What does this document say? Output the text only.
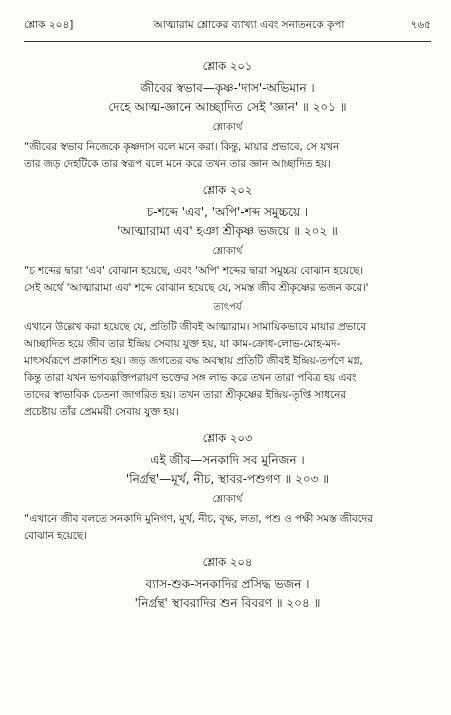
শ্লোক ২০৪]	আত্মারাম শ্লোকের ব্যাখ্যা এবং সনাতনকে কৃপা	৭৬৫
শ্লোক ২০১
জীবের স্বভাব—কৃষ্ণ-'দাস'-অভিমান ।
দেহে আত্ম-জ্ঞানে আচ্ছাদিত সেই 'জ্ঞান' ॥ ২০১ ॥
শ্লোকার্থ

“জীবের স্বভাব নিজেকে কৃষ্ণদাস বলে মনে করা। কিন্তু, মায়ার প্রভাবে, সে যখন

তার জড় দেহটিকে তার স্বরূপ বলে মনে করে তখন তার জ্ঞান আচ্ছাদিত হয়।

শ্লোক ২০২
চ-শব্দে 'এব', 'অপি'-শব্দ সমুচ্চয়ে ।
'আত্মারামা এব' হঞা শ্রীকৃষ্ণ ভজয়ে ॥ ২০২ ॥
শ্লোকার্থ

“চ শব্দের দ্বারা 'এব' বোঝান হয়েছে, এবং 'অপি' শব্দের দ্বারা সমুচ্চয় বোঝান হয়েছে।

সেই অর্থে 'আত্মারামা এব' শব্দে বোঝান হয়েছে যে, সমস্ত জীব শ্রীকৃষ্ণের ভজন করে।'

তাৎপর্য

এখানে উল্লেখ করা হয়েছে যে, প্রতিটি জীবই আত্মারাম। সামায়িকভাবে মায়ার প্রভাবে

আচ্ছাদিত হয়ে জীব তার ইন্দ্রিয় সেবায় যুক্ত হয়, যা কাম-ক্রোধ-লোভ-মোহ-মদ-

মাৎসর্যরূপে প্রকাশিত হয়। জড় জগতের বদ্ধ অবস্থায় প্রতিটি জীবই ইন্দ্রিয়-তর্পণে মগ্ন,

কিন্তু তারা যখন ভগবদ্ভক্তিপরায়ণ ভক্তের সঙ্গ লাভ করে তখন তারা পবিত্র হয় এবং

তাদের স্বাভাবিক চেতনা জাগরিত হয়। তখন তারা শ্রীকৃষ্ণের ইন্দ্রিয়-তৃপ্তি সাধনের

প্রচেষ্টায় তাঁর প্রেমময়ী সেবায় যুক্ত হয়।

শ্লোক ২০৩
এই জীব—সনকাদি সব মুনিজন ।
'নির্গ্রন্থ'—মূর্খ, নীচ, স্থাবর-পশুগণ ॥ ২০৩ ॥
শ্লোকার্থ

“এখানে জীব বলতে সনকাদি মুনিগণ, মূর্খ, নীচ, বৃক্ষ, লতা, পশু ও পক্ষী সমস্ত জীবদের

বোঝান হয়েছে।

শ্লোক ২০৪
ব্যাস-শুক-সনকাদির প্রসিদ্ধ ভজন ।
'নির্গ্রন্থ' স্থাবরাদির শুন বিবরণ ॥ ২০৪ ॥
